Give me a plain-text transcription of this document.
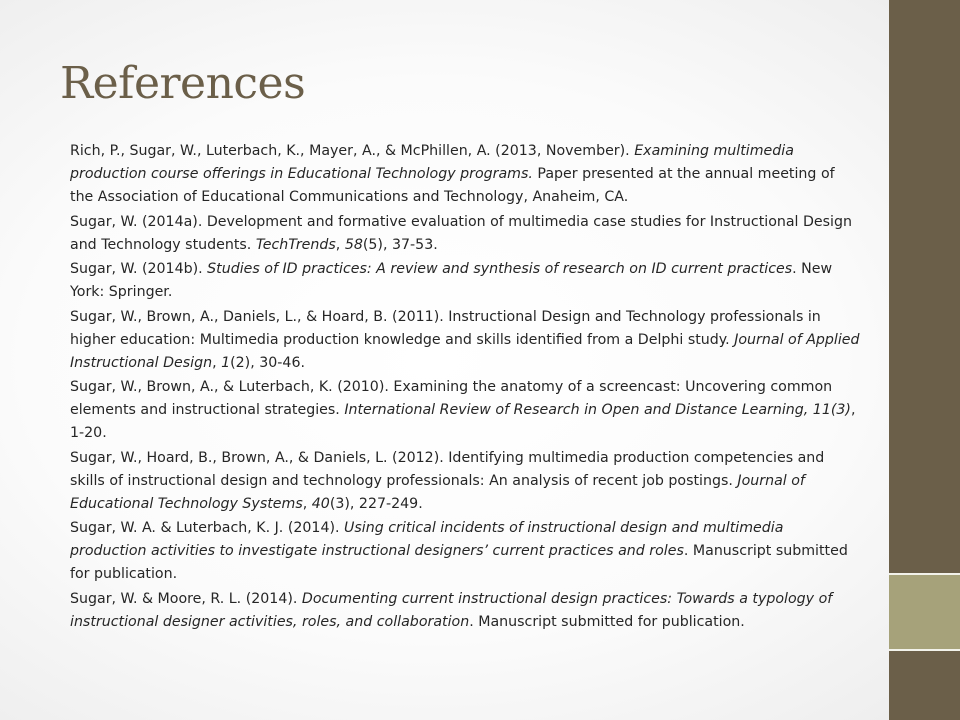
References
Rich, P., Sugar, W., Luterbach, K., Mayer, A., & McPhillen, A. (2013, November). Examining multimedia production course offerings in Educational Technology programs. Paper presented at the annual meeting of the Association of Educational Communications and Technology, Anaheim, CA.
Sugar, W. (2014a). Development and formative evaluation of multimedia case studies for Instructional Design and Technology students. TechTrends, 58(5), 37-53.
Sugar, W. (2014b). Studies of ID practices: A review and synthesis of research on ID current practices. New York: Springer.
Sugar, W., Brown, A., Daniels, L., & Hoard, B. (2011). Instructional Design and Technology professionals in higher education: Multimedia production knowledge and skills identified from a Delphi study. Journal of Applied Instructional Design, 1(2), 30-46.
Sugar, W., Brown, A., & Luterbach, K. (2010). Examining the anatomy of a screencast: Uncovering common elements and instructional strategies. International Review of Research in Open and Distance Learning, 11(3), 1-20.
Sugar, W., Hoard, B., Brown, A., & Daniels, L. (2012). Identifying multimedia production competencies and skills of instructional design and technology professionals: An analysis of recent job postings. Journal of Educational Technology Systems, 40(3), 227-249.
Sugar, W. A. & Luterbach, K. J. (2014). Using critical incidents of instructional design and multimedia production activities to investigate instructional designers’ current practices and roles. Manuscript submitted for publication.
Sugar, W. & Moore, R. L. (2014). Documenting current instructional design practices: Towards a typology of instructional designer activities, roles, and collaboration. Manuscript submitted for publication.
